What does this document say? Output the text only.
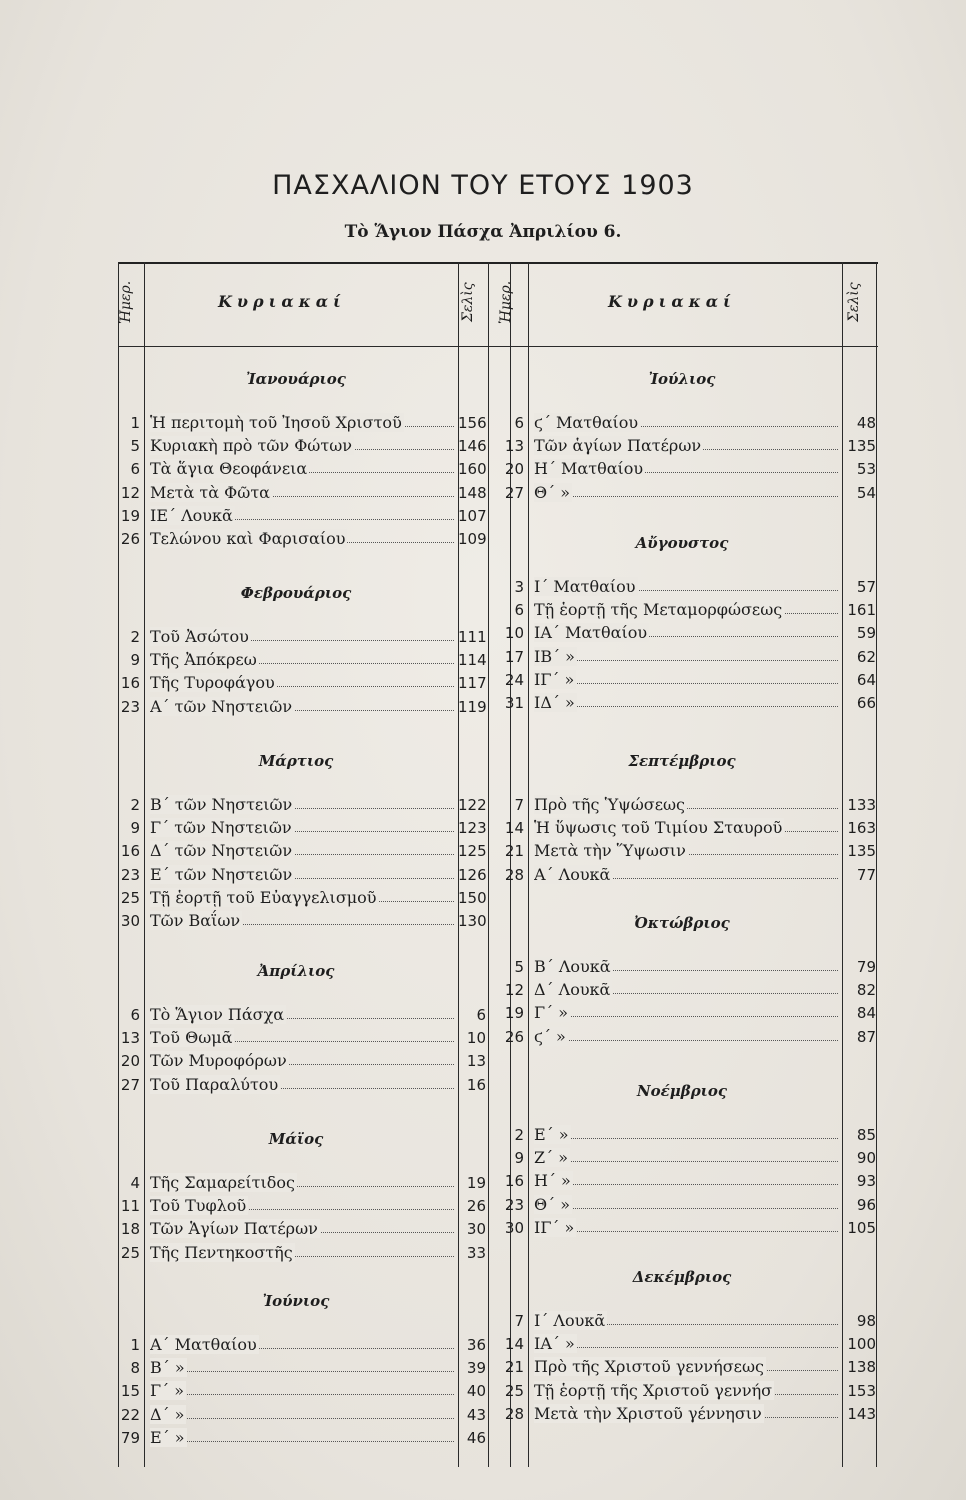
ΠΑΣΧΑΛΙΟΝ ΤΟΥ ΕΤΟΥΣ 1903
Τὸ Ἅγιον Πάσχα Ἀπριλίου 6.
Ἡμερ.	Κυριακαί	Σελὶς	Ἡμερ.	Κυριακαί	Σελὶς
Ἰανουάριος
1 Ἡ περιτομὴ τοῦ Ἰησοῦ Χριστοῦ	156
5 Κυριακὴ πρὸ τῶν Φώτων	146
6 Τὰ ἅγια Θεοφάνεια	160
12 Μετὰ τὰ Φῶτα	148
19 ΙΕ΄ Λουκᾶ	107
26 Τελώνου καὶ Φαρισαίου	109
Φεβρουάριος
2 Τοῦ Ἀσώτου	111
9 Τῆς Ἀπόκρεω	114
16 Τῆς Τυροφάγου	117
23 Α΄ τῶν Νηστειῶν	119
Μάρτιος
2 Β΄ τῶν Νηστειῶν	122
9 Γ΄ τῶν Νηστειῶν	123
16 Δ΄ τῶν Νηστειῶν	125
23 Ε΄ τῶν Νηστειῶν	126
25 Τῇ ἑορτῇ τοῦ Εὐαγγελισμοῦ	150
30 Τῶν Βαΐων	130
Ἀπρίλιος
6 Τὸ Ἅγιον Πάσχα	6
13 Τοῦ Θωμᾶ	10
20 Τῶν Μυροφόρων	13
27 Τοῦ Παραλύτου	16
Μάϊος
4 Τῆς Σαμαρείτιδος	19
11 Τοῦ Τυφλοῦ	26
18 Τῶν Ἁγίων Πατέρων	30
25 Τῆς Πεντηκοστῆς	33
Ἰούνιος
1 Α΄ Ματθαίου	36
8 Β΄ »	39
15 Γ΄ »	40
22 Δ΄ »	43
79 Ε΄ »	46
Ἰούλιος
6 ϛ΄ Ματθαίου	48
13 Τῶν ἁγίων Πατέρων	135
20 Η΄ Ματθαίου	53
27 Θ΄ »	54
Αὔγουστος
3 Ι΄ Ματθαίου	57
6 Τῇ ἑορτῇ τῆς Μεταμορφώσεως	161
10 ΙΑ΄ Ματθαίου	59
17 ΙΒ΄ »	62
24 ΙΓ΄ »	64
31 ΙΔ΄ »	66
Σεπτέμβριος
7 Πρὸ τῆς Ὑψώσεως	133
14 Ἡ ὕψωσις τοῦ Τιμίου Σταυροῦ	163
21 Μετὰ τὴν Ὕψωσιν	135
28 Α΄ Λουκᾶ	77
Ὀκτώβριος
5 Β΄ Λουκᾶ	79
12 Δ΄ Λουκᾶ	82
19 Γ΄ »	84
26 ϛ΄ »	87
Νοέμβριος
2 Ε΄ »	85
9 Ζ΄ »	90
16 Η΄ »	93
23 Θ΄ »	96
30 ΙΓ΄ »	105
Δεκέμβριος
7 Ι΄ Λουκᾶ	98
14 ΙΑ΄ »	100
21 Πρὸ τῆς Χριστοῦ γεννήσεως	138
25 Τῇ ἑορτῇ τῆς Χριστοῦ γεννήσ	153
28 Μετὰ τὴν Χριστοῦ γέννησιν	143
